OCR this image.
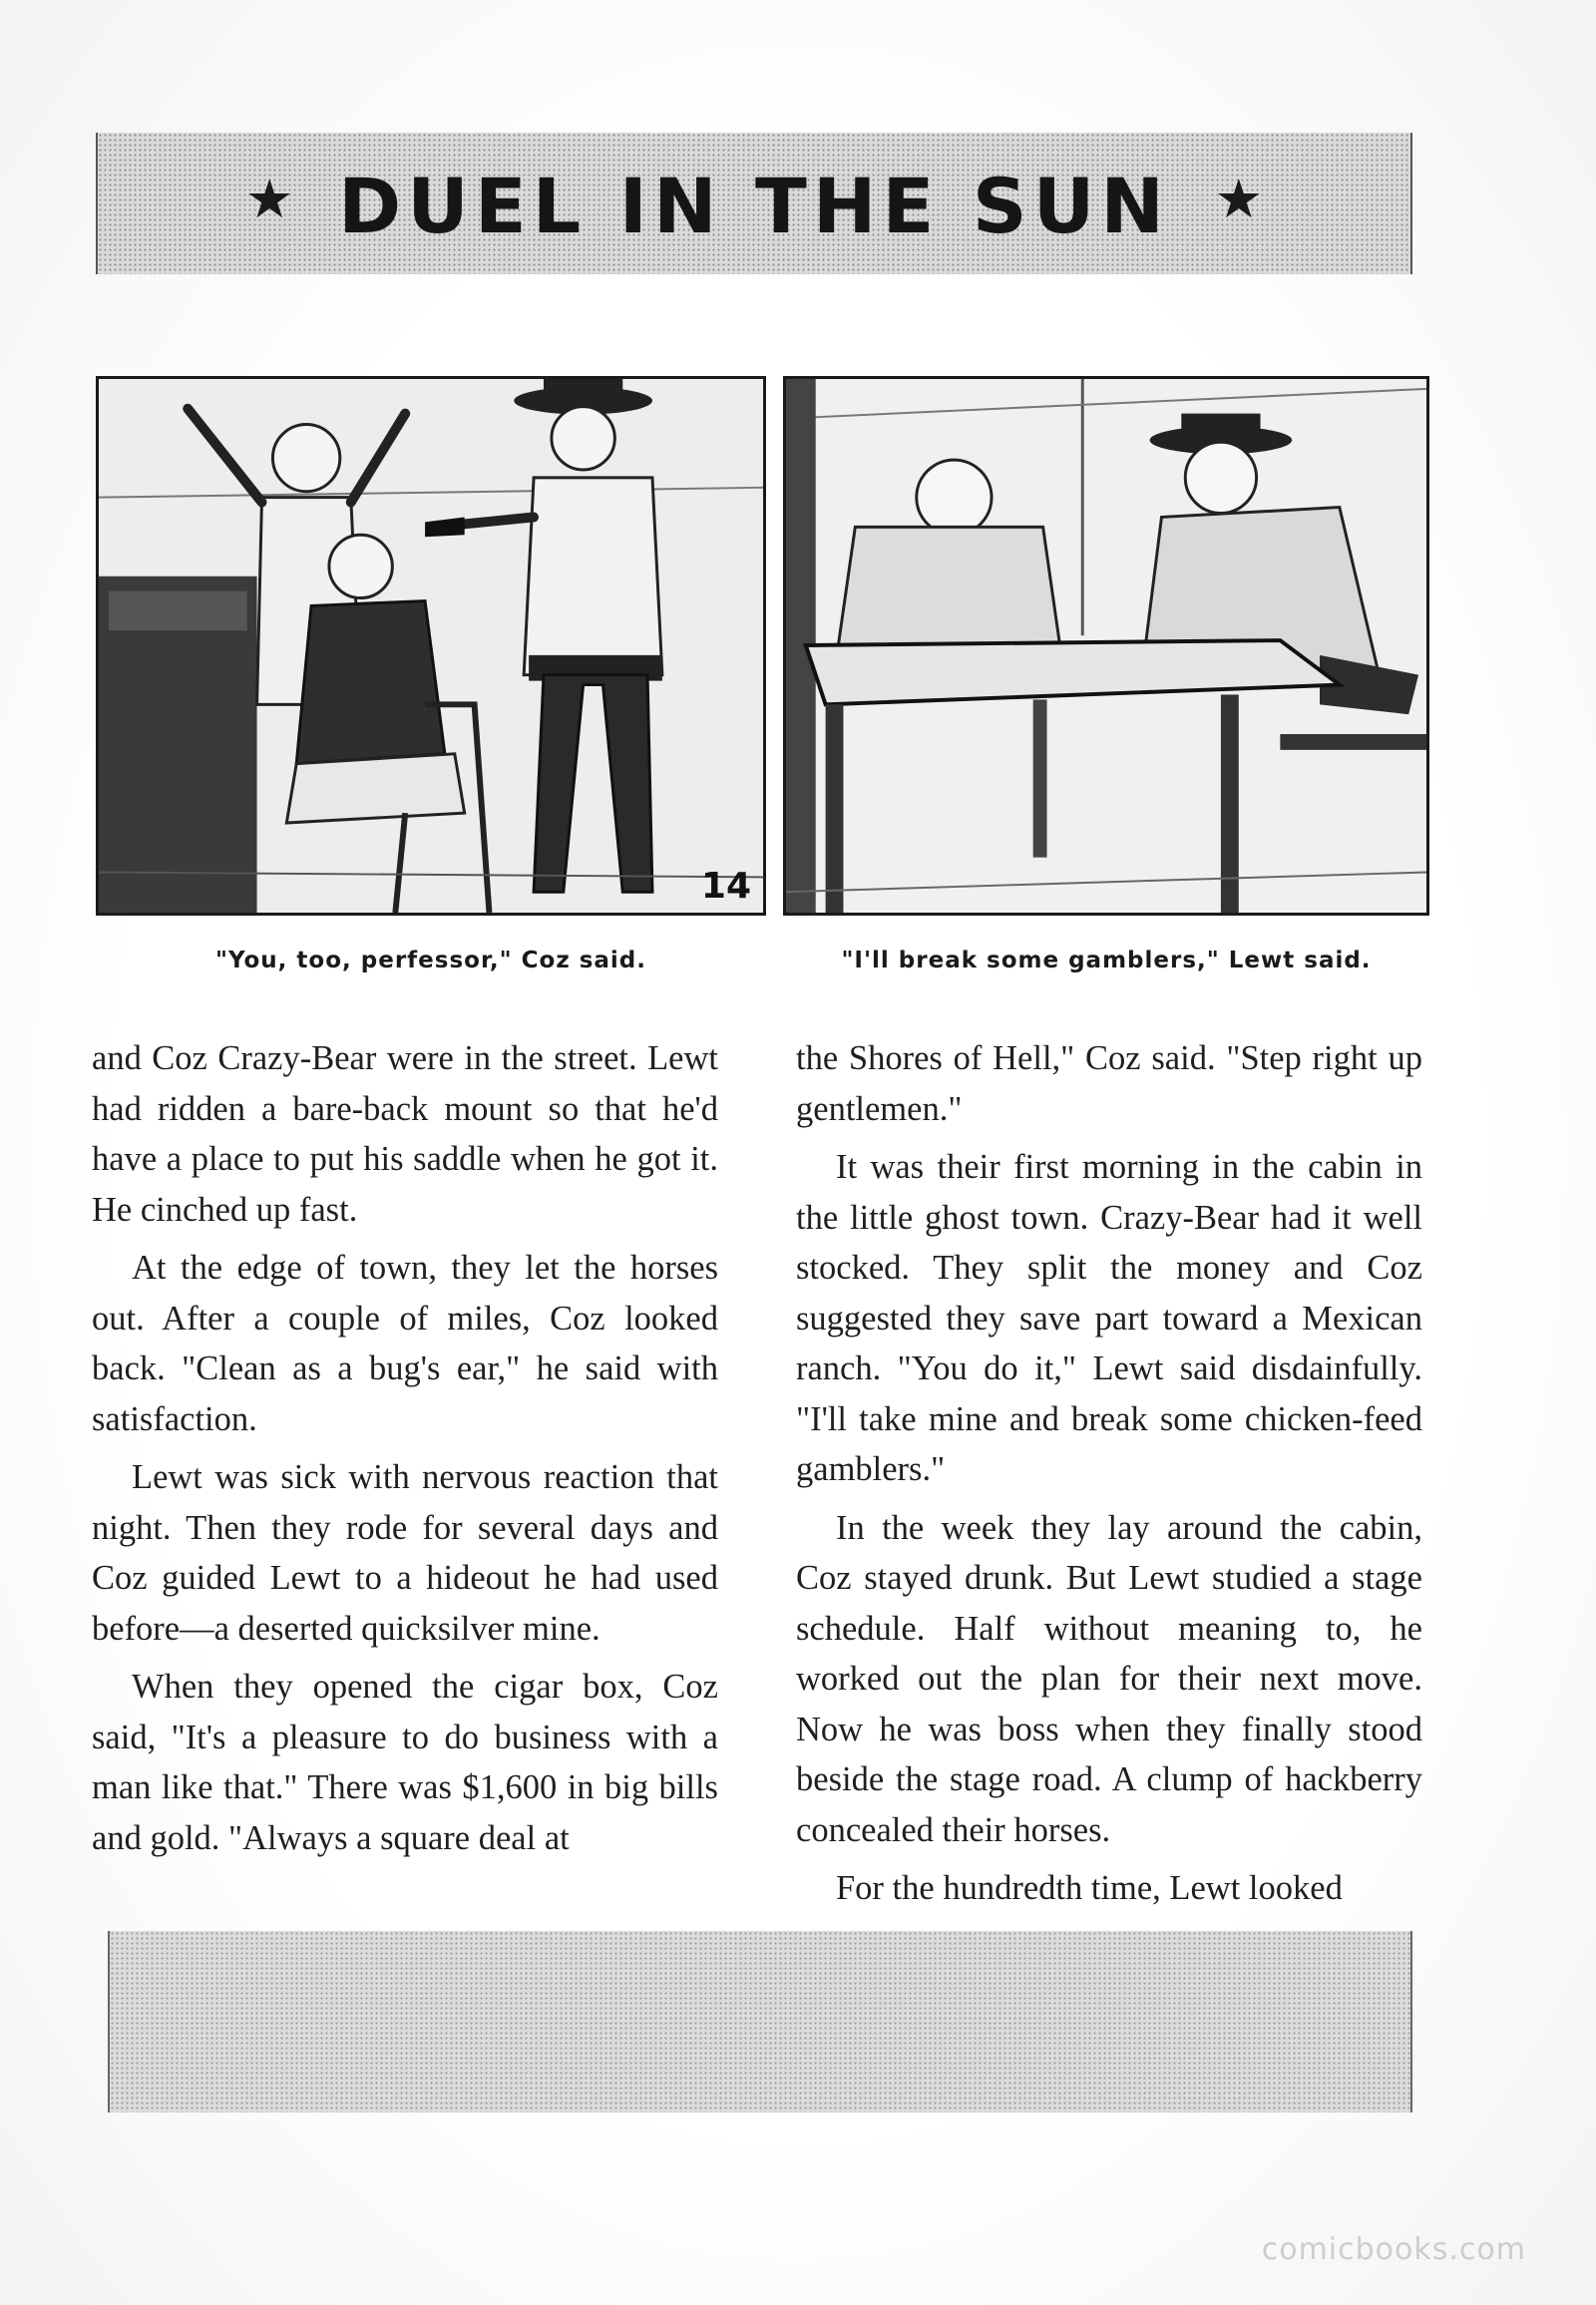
★ DUEL IN THE SUN ★
14
"You, too, perfessor," Coz said.	"I'll break some gamblers," Lewt said.

and Coz Crazy-Bear were in the street. Lewt had ridden a bare-back mount so that he'd have a place to put his saddle when he got it. He cinched up fast.

At the edge of town, they let the horses out. After a couple of miles, Coz looked back. "Clean as a bug's ear," he said with satisfaction.

Lewt was sick with nervous reaction that night. Then they rode for several days and Coz guided Lewt to a hideout he had used before—a deserted quicksilver mine.

When they opened the cigar box, Coz said, "It's a pleasure to do business with a man like that." There was $1,600 in big bills and gold. "Always a square deal at

the Shores of Hell," Coz said. "Step right up gentlemen."

It was their first morning in the cabin in the little ghost town. Crazy-Bear had it well stocked. They split the money and Coz suggested they save part toward a Mexican ranch. "You do it," Lewt said disdainfully. "I'll take mine and break some chicken-feed gamblers."

In the week they lay around the cabin, Coz stayed drunk. But Lewt studied a stage schedule. Half without meaning to, he worked out the plan for their next move. Now he was boss when they finally stood beside the stage road. A clump of hackberry concealed their horses.

For the hundredth time, Lewt looked

comicbooks.com
